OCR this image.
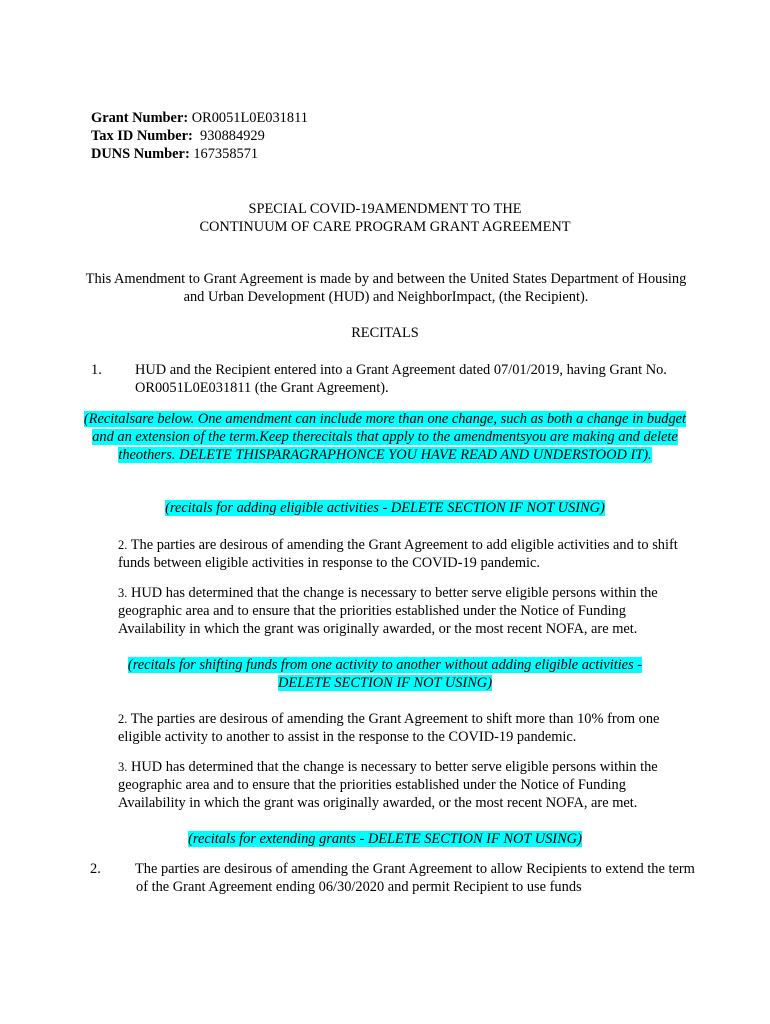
Grant Number: OR0051L0E031811
Tax ID Number: 930884929
DUNS Number: 167358571
SPECIAL COVID-19AMENDMENT TO THE
CONTINUUM OF CARE PROGRAM GRANT AGREEMENT

This Amendment to Grant Agreement is made by and between the United States Department of Housing and Urban Development (HUD) and NeighborImpact, (the Recipient).

RECITALS
1. HUD and the Recipient entered into a Grant Agreement dated 07/01/2019, having Grant No. OR0051L0E031811 (the Grant Agreement).
(Recitalsare below. One amendment can include more than one change, such as both a change in budget and an extension of the term.Keep therecitals that apply to the amendmentsyou are making and delete theothers. DELETE THISPARAGRAPHONCE YOU HAVE READ AND UNDERSTOOD IT).
(recitals for adding eligible activities - DELETE SECTION IF NOT USING)
2. The parties are desirous of amending the Grant Agreement to add eligible activities and to shift funds between eligible activities in response to the COVID-19 pandemic.
3. HUD has determined that the change is necessary to better serve eligible persons within the geographic area and to ensure that the priorities established under the Notice of Funding Availability in which the grant was originally awarded, or the most recent NOFA, are met.
(recitals for shifting funds from one activity to another without adding eligible activities -
DELETE SECTION IF NOT USING)
2. The parties are desirous of amending the Grant Agreement to shift more than 10% from one eligible activity to another to assist in the response to the COVID-19 pandemic.
3. HUD has determined that the change is necessary to better serve eligible persons within the geographic area and to ensure that the priorities established under the Notice of Funding Availability in which the grant was originally awarded, or the most recent NOFA, are met.
(recitals for extending grants - DELETE SECTION IF NOT USING)
2. The parties are desirous of amending the Grant Agreement to allow Recipients to extend the term of the Grant Agreement ending 06/30/2020 and permit Recipient to use funds
